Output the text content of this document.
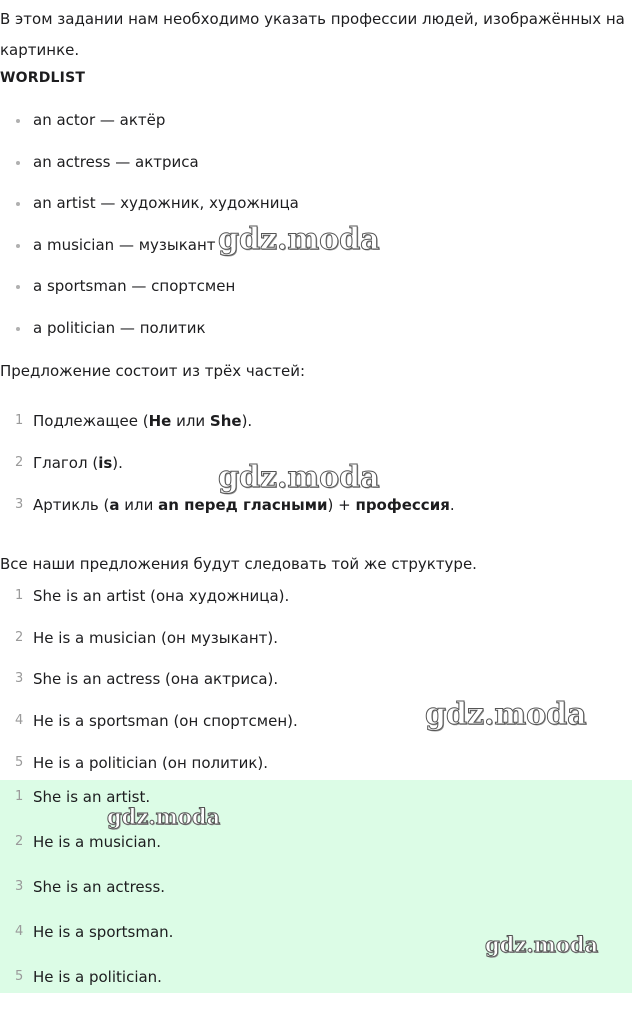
В этом задании нам необходимо указать профессии людей, изображённых на картинке.
WORDLIST
an actor — актёр
an actress — актриса
an artist — художник, художница
a musician — музыкант
a sportsman — спортсмен
a politician — политик
Предложение состоит из трёх частей:
1 Подлежащее (He или She).
2 Глагол (is).
3 Артикль (a или an перед гласными) + профессия.
Все наши предложения будут следовать той же структуре.
1 She is an artist (она художница).
2 He is a musician (он музыкант).
3 She is an actress (она актриса).
4 He is a sportsman (он спортсмен).
5 He is a politician (он политик).
1 She is an artist.
2 He is a musician.
3 She is an actress.
4 He is a sportsman.
5 He is a politician.
gdz.moda
gdz.moda
gdz.moda
gdz.moda
gdz.moda
